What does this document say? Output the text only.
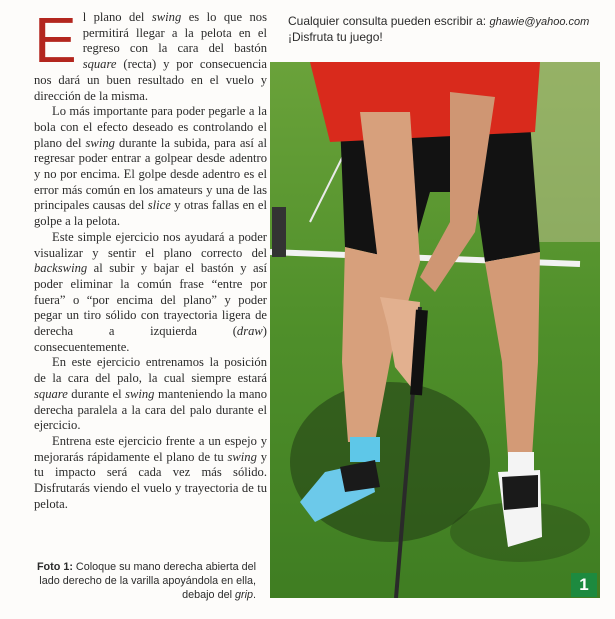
El plano del swing es lo que nos permitirá llegar a la pelota en el regreso con la cara del bastón square (recta) y por consecuencia nos dará un buen resultado en el vuelo y dirección de la misma.

Lo más importante para poder pegarle a la bola con el efecto deseado es controlando el plano del swing durante la subida, para así al regresar poder entrar a golpear desde adentro y no por encima. El golpe desde adentro es el error más común en los amateurs y una de las principales causas del slice y otras fallas en el golpe a la pelota.

Este simple ejercicio nos ayudará a poder visualizar y sentir el plano correcto del backswing al subir y bajar el bastón y así poder eliminar la común frase “entre por fuera” o “por encima del plano” y poder pegar un tiro sólido con trayectoria ligera de derecha a izquierda (draw) consecuentemente.

En este ejercicio entrenamos la posición de la cara del palo, la cual siempre estará square durante el swing manteniendo la mano derecha paralela a la cara del palo durante el ejercicio.

Entrena este ejercicio frente a un espejo y mejorarás rápidamente el plano de tu swing y tu impacto será cada vez más sólido. Disfrutarás viendo el vuelo y trayectoria de tu pelota.

Cualquier consulta pueden escribir a: ghawie@yahoo.com
¡Disfruta tu juego!
1
Foto 1: Coloque su mano derecha abierta del lado derecho de la varilla apoyándola en ella, debajo del grip.
